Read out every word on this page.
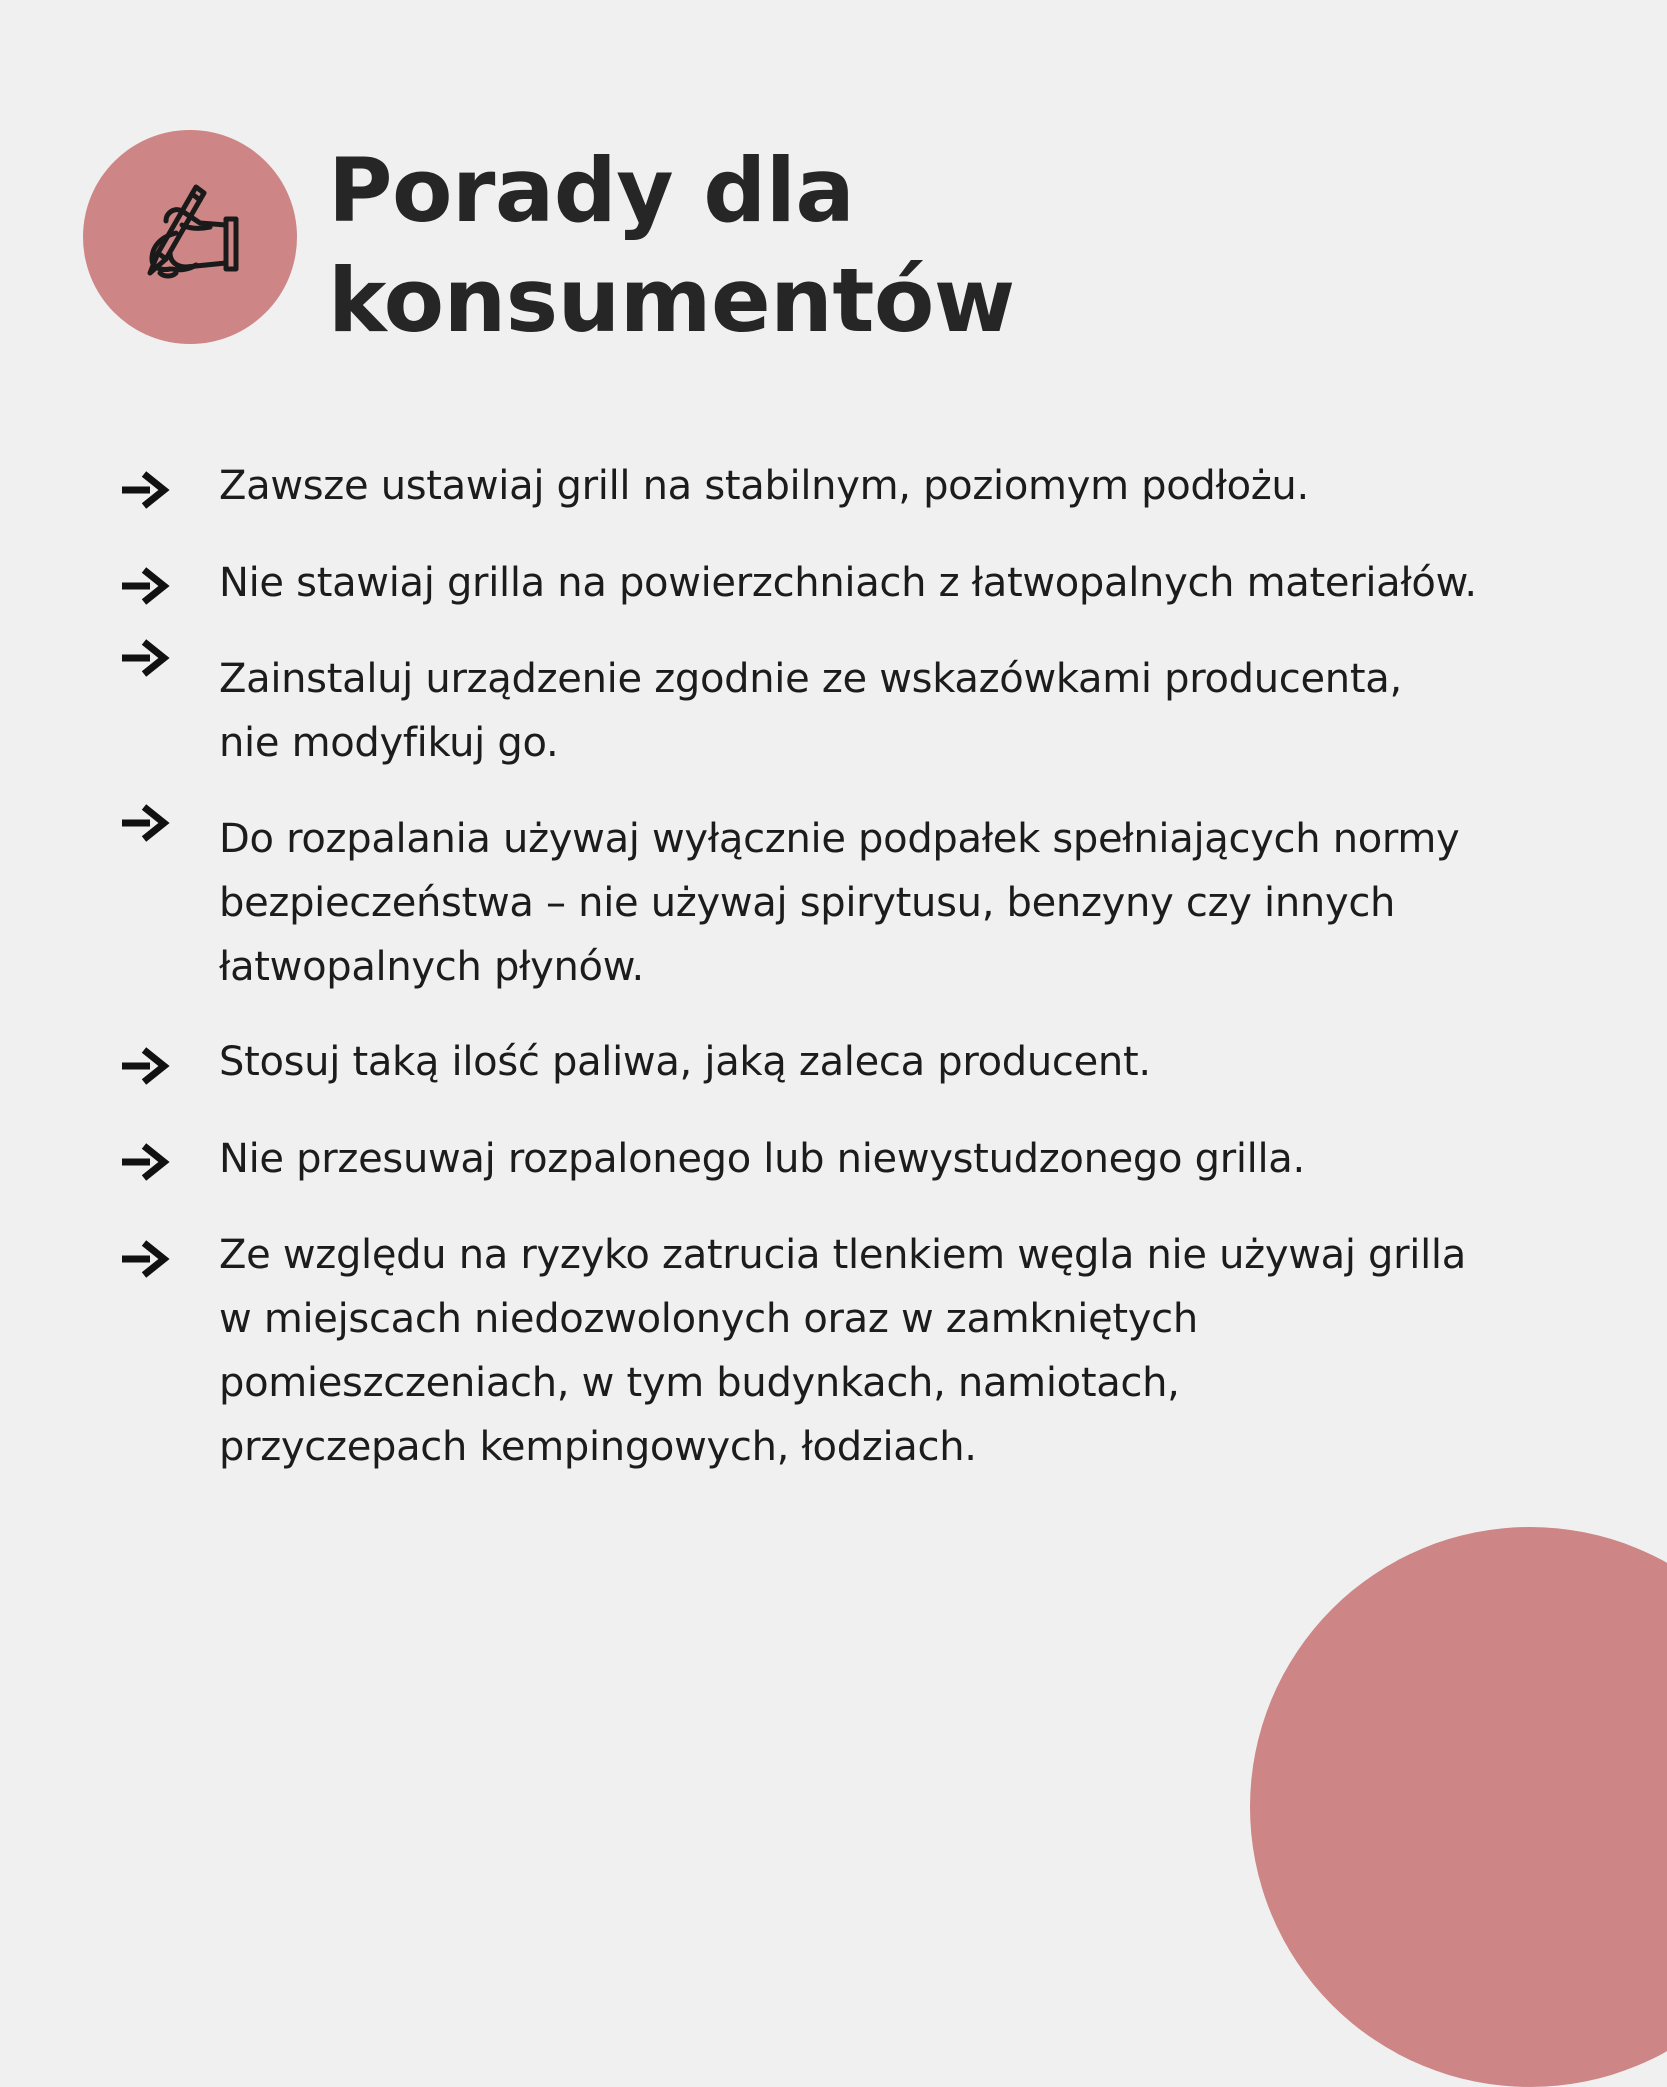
Porady dla
konsumentów
Zawsze ustawiaj grill na stabilnym, poziomym podłożu.
Nie stawiaj grilla na powierzchniach z łatwopalnych materiałów.
Zainstaluj urządzenie zgodnie ze wskazówkami producenta,
nie modyfikuj go.
Do rozpalania używaj wyłącznie podpałek spełniających normy
bezpieczeństwa – nie używaj spirytusu, benzyny czy innych
łatwopalnych płynów.
Stosuj taką ilość paliwa, jaką zaleca producent.
Nie przesuwaj rozpalonego lub niewystudzonego grilla.
Ze względu na ryzyko zatrucia tlenkiem węgla nie używaj grilla
w miejscach niedozwolonych oraz w zamkniętych
pomieszczeniach, w tym budynkach, namiotach,
przyczepach kempingowych, łodziach.
